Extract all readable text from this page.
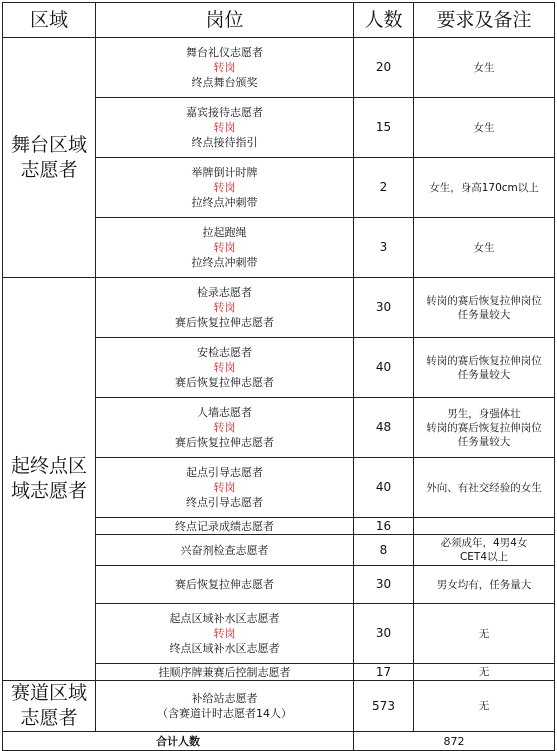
区域	岗位	人数	要求及备注

舞台区域
志愿者	舞台礼仪志愿者
转岗
终点舞台颁奖	20	女生

	嘉宾接待志愿者
转岗
终点接待指引	15	女生

	举牌倒计时牌
转岗
拉终点冲刺带	2	女生，身高170cm以上

	拉起跑绳
转岗
拉终点冲刺带	3	女生

起终点区
域志愿者	检录志愿者
转岗
赛后恢复拉伸志愿者	30	转岗的赛后恢复拉伸岗位
任务量较大

	安检志愿者
转岗
赛后恢复拉伸志愿者	40	转岗的赛后恢复拉伸岗位
任务量较大

	人墙志愿者
转岗
赛后恢复拉伸志愿者	48	男生，身强体壮
转岗的赛后恢复拉伸岗位
任务量较大

	起点引导志愿者
转岗
终点引导志愿者	40	外向、有社交经验的女生

	终点记录成绩志愿者	16	

	兴奋剂检查志愿者	8	必须成年，4男4女
CET4以上

	赛后恢复拉伸志愿者	30	男女均有，任务量大

	起点区域补水区志愿者
转岗
终点区域补水区志愿者	30	无

	挂顺序牌兼赛后控制志愿者	17	无

赛道区域
志愿者	补给站志愿者
（含赛道计时志愿者14人）	573	无

合计人数		872	
